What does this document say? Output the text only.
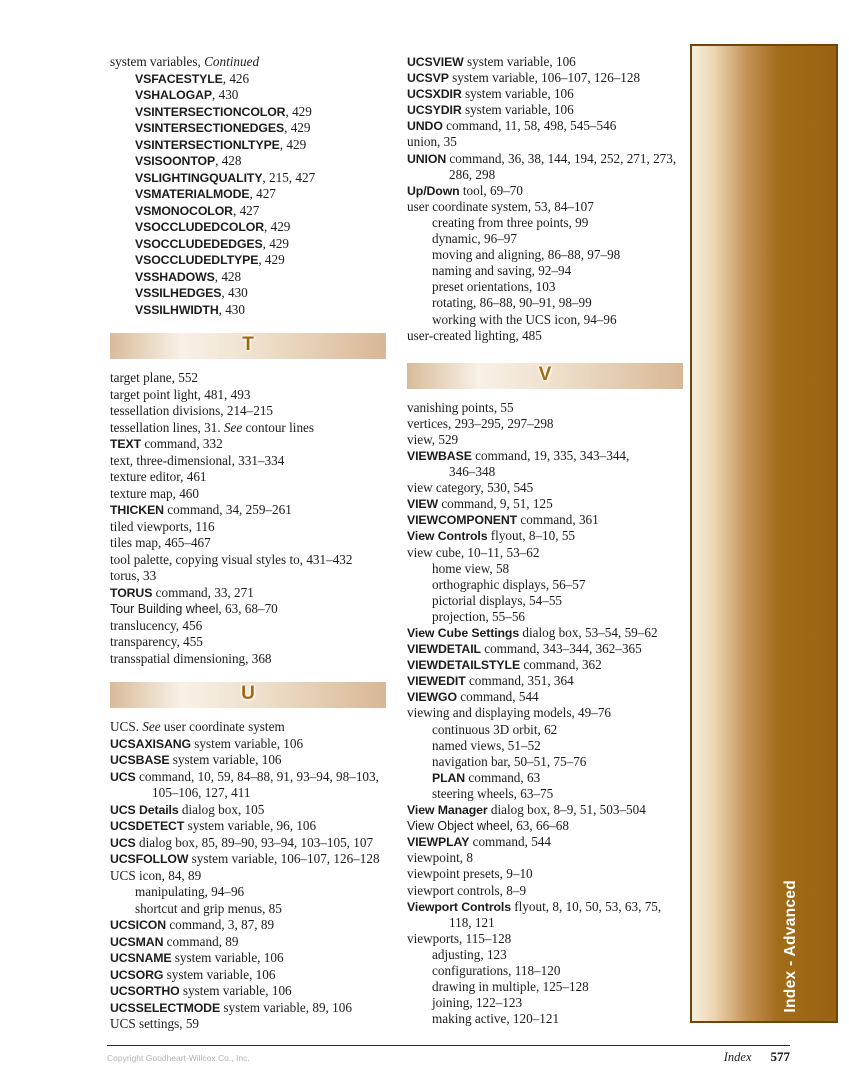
system variables, Continued
VSFACESTYLE, 426
VSHALOGAP, 430
VSINTERSECTIONCOLOR, 429
VSINTERSECTIONEDGES, 429
VSINTERSECTIONLTYPE, 429
VSISOONTOP, 428
VSLIGHTINGQUALITY, 215, 427
VSMATERIALMODE, 427
VSMONOCOLOR, 427
VSOCCLUDEDCOLOR, 429
VSOCCLUDEDEDGES, 429
VSOCCLUDEDLTYPE, 429
VSSHADOWS, 428
VSSILHEDGES, 430
VSSILHWIDTH, 430
T
target plane, 552
target point light, 481, 493
tessellation divisions, 214–215
tessellation lines, 31. See contour lines
TEXT command, 332
text, three-dimensional, 331–334
texture editor, 461
texture map, 460
THICKEN command, 34, 259–261
tiled viewports, 116
tiles map, 465–467
tool palette, copying visual styles to, 431–432
torus, 33
TORUS command, 33, 271
Tour Building wheel, 63, 68–70
translucency, 456
transparency, 455
transspatial dimensioning, 368
U
UCS. See user coordinate system
UCSAXISANG system variable, 106
UCSBASE system variable, 106
UCS command, 10, 59, 84–88, 91, 93–94, 98–103,
105–106, 127, 411
UCS Details dialog box, 105
UCSDETECT system variable, 96, 106
UCS dialog box, 85, 89–90, 93–94, 103–105, 107
UCSFOLLOW system variable, 106–107, 126–128
UCS icon, 84, 89
manipulating, 94–96
shortcut and grip menus, 85
UCSICON command, 3, 87, 89
UCSMAN command, 89
UCSNAME system variable, 106
UCSORG system variable, 106
UCSORTHO system variable, 106
UCSSELECTMODE system variable, 89, 106
UCS settings, 59
UCSVIEW system variable, 106
UCSVP system variable, 106–107, 126–128
UCSXDIR system variable, 106
UCSYDIR system variable, 106
UNDO command, 11, 58, 498, 545–546
union, 35
UNION command, 36, 38, 144, 194, 252, 271, 273,
286, 298
Up/Down tool, 69–70
user coordinate system, 53, 84–107
creating from three points, 99
dynamic, 96–97
moving and aligning, 86–88, 97–98
naming and saving, 92–94
preset orientations, 103
rotating, 86–88, 90–91, 98–99
working with the UCS icon, 94–96
user-created lighting, 485
V
vanishing points, 55
vertices, 293–295, 297–298
view, 529
VIEWBASE command, 19, 335, 343–344,
346–348
view category, 530, 545
VIEW command, 9, 51, 125
VIEWCOMPONENT command, 361
View Controls flyout, 8–10, 55
view cube, 10–11, 53–62
home view, 58
orthographic displays, 56–57
pictorial displays, 54–55
projection, 55–56
View Cube Settings dialog box, 53–54, 59–62
VIEWDETAIL command, 343–344, 362–365
VIEWDETAILSTYLE command, 362
VIEWEDIT command, 351, 364
VIEWGO command, 544
viewing and displaying models, 49–76
continuous 3D orbit, 62
named views, 51–52
navigation bar, 50–51, 75–76
PLAN command, 63
steering wheels, 63–75
View Manager dialog box, 8–9, 51, 503–504
View Object wheel, 63, 66–68
VIEWPLAY command, 544
viewpoint, 8
viewpoint presets, 9–10
viewport controls, 8–9
Viewport Controls flyout, 8, 10, 50, 53, 63, 75,
118, 121
viewports, 115–128
adjusting, 123
configurations, 118–120
drawing in multiple, 125–128
joining, 122–123
making active, 120–121
Index - Advanced
Copyright Goodheart-Willcox Co., Inc.	Index 577
